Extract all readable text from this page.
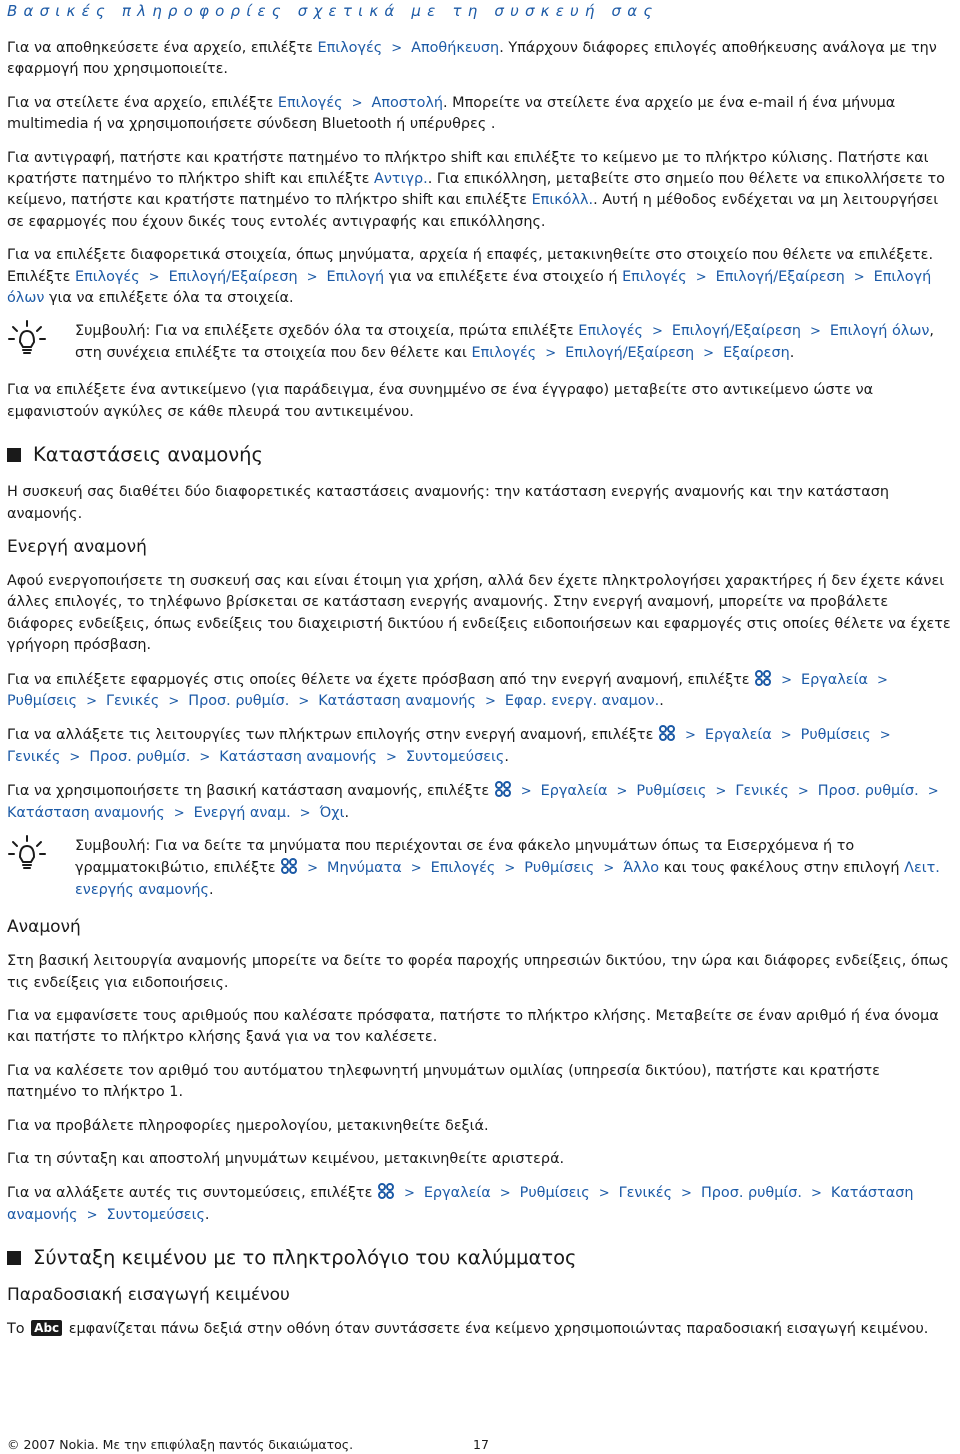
Βασικές πληροφορίες σχετικά με τη συσκευή σας

Για να αποθηκεύσετε ένα αρχείο, επιλέξτε Επιλογές > Αποθήκευση. Υπάρχουν διάφορες επιλογές αποθήκευσης ανάλογα με την εφαρμογή που χρησιμοποιείτε.

Για να στείλετε ένα αρχείο, επιλέξτε Επιλογές > Αποστολή. Μπορείτε να στείλετε ένα αρχείο με ένα e-mail ή ένα μήνυμα multimedia ή να χρησιμοποιήσετε σύνδεση Bluetooth ή υπέρυθρες .

Για αντιγραφή, πατήστε και κρατήστε πατημένο το πλήκτρο shift και επιλέξτε το κείμενο με το πλήκτρο κύλισης. Πατήστε και κρατήστε πατημένο το πλήκτρο shift και επιλέξτε Αντιγρ.. Για επικόλληση, μεταβείτε στο σημείο που θέλετε να επικολλήσετε το κείμενο, πατήστε και κρατήστε πατημένο το πλήκτρο shift και επιλέξτε Επικόλλ.. Αυτή η μέθοδος ενδέχεται να μη λειτουργήσει σε εφαρμογές που έχουν δικές τους εντολές αντιγραφής και επικόλλησης.

Για να επιλέξετε διαφορετικά στοιχεία, όπως μηνύματα, αρχεία ή επαφές, μετακινηθείτε στο στοιχείο που θέλετε να επιλέξετε. Επιλέξτε Επιλογές > Επιλογή/Εξαίρεση > Επιλογή για να επιλέξετε ένα στοιχείο ή Επιλογές > Επιλογή/Εξαίρεση > Επιλογή όλων για να επιλέξετε όλα τα στοιχεία.

Συμβουλή: Για να επιλέξετε σχεδόν όλα τα στοιχεία, πρώτα επιλέξτε Επιλογές > Επιλογή/Εξαίρεση > Επιλογή όλων, στη συνέχεια επιλέξτε τα στοιχεία που δεν θέλετε και Επιλογές > Επιλογή/Εξαίρεση > Εξαίρεση.

Για να επιλέξετε ένα αντικείμενο (για παράδειγμα, ένα συνημμένο σε ένα έγγραφο) μεταβείτε στο αντικείμενο ώστε να εμφανιστούν αγκύλες σε κάθε πλευρά του αντικειμένου.

Καταστάσεις αναμονής

Η συσκευή σας διαθέτει δύο διαφορετικές καταστάσεις αναμονής: την κατάσταση ενεργής αναμονής και την κατάσταση αναμονής.

Ενεργή αναμονή

Αφού ενεργοποιήσετε τη συσκευή σας και είναι έτοιμη για χρήση, αλλά δεν έχετε πληκτρολογήσει χαρακτήρες ή δεν έχετε κάνει άλλες επιλογές, το τηλέφωνο βρίσκεται σε κατάσταση ενεργής αναμονής. Στην ενεργή αναμονή, μπορείτε να προβάλετε διάφορες ενδείξεις, όπως ενδείξεις του διαχειριστή δικτύου ή ενδείξεις ειδοποιήσεων και εφαρμογές στις οποίες θέλετε να έχετε γρήγορη πρόσβαση.

Για να επιλέξετε εφαρμογές στις οποίες θέλετε να έχετε πρόσβαση από την ενεργή αναμονή, επιλέξτε > Εργαλεία >Ρυθμίσεις > Γενικές > Προσ. ρυθμίσ. > Κατάσταση αναμονής > Εφαρ. ενεργ. αναμον..

Για να αλλάξετε τις λειτουργίες των πλήκτρων επιλογής στην ενεργή αναμονή, επιλέξτε > Εργαλεία > Ρυθμίσεις >Γενικές > Προσ. ρυθμίσ. > Κατάσταση αναμονής > Συντομεύσεις.

Για να χρησιμοποιήσετε τη βασική κατάσταση αναμονής, επιλέξτε > Εργαλεία > Ρυθμίσεις > Γενικές > Προσ. ρυθμίσ. >Κατάσταση αναμονής > Ενεργή αναμ. > Όχι.

Συμβουλή: Για να δείτε τα μηνύματα που περιέχονται σε ένα φάκελο μηνυμάτων όπως τα Εισερχόμενα ή το γραμματοκιβώτιο, επιλέξτε > Μηνύματα > Επιλογές > Ρυθμίσεις > Άλλο και τους φακέλους στην επιλογή Λειτ. ενεργής αναμονής.

Αναμονή

Στη βασική λειτουργία αναμονής μπορείτε να δείτε το φορέα παροχής υπηρεσιών δικτύου, την ώρα και διάφορες ενδείξεις, όπως τις ενδείξεις για ειδοποιήσεις.

Για να εμφανίσετε τους αριθμούς που καλέσατε πρόσφατα, πατήστε το πλήκτρο κλήσης. Μεταβείτε σε έναν αριθμό ή ένα όνομα και πατήστε το πλήκτρο κλήσης ξανά για να τον καλέσετε.

Για να καλέσετε τον αριθμό του αυτόματου τηλεφωνητή μηνυμάτων ομιλίας (υπηρεσία δικτύου), πατήστε και κρατήστε πατημένο το πλήκτρο 1.

Για να προβάλετε πληροφορίες ημερολογίου, μετακινηθείτε δεξιά.

Για τη σύνταξη και αποστολή μηνυμάτων κειμένου, μετακινηθείτε αριστερά.

Για να αλλάξετε αυτές τις συντομεύσεις, επιλέξτε > Εργαλεία > Ρυθμίσεις > Γενικές > Προσ. ρυθμίσ. > Κατάσταση αναμονής > Συντομεύσεις.

Σύνταξη κειμένου με το πληκτρολόγιο του καλύμματος
Παραδοσιακή εισαγωγή κειμένου

Το Abc εμφανίζεται πάνω δεξιά στην οθόνη όταν συντάσσετε ένα κείμενο χρησιμοποιώντας παραδοσιακή εισαγωγή κειμένου.

© 2007 Nokia. Με την επιφύλαξη παντός δικαιώματος.	17
